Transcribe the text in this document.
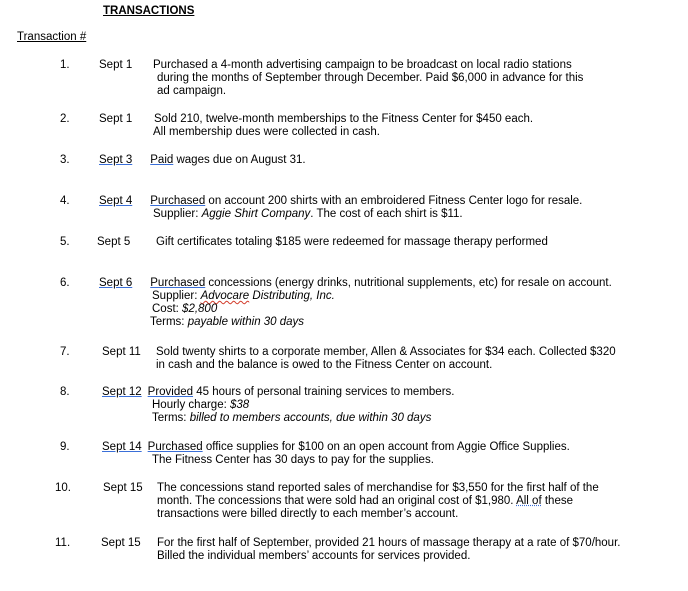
TRANSACTIONS
Transaction #
1.	Sept 1 Purchased a 4-month advertising campaign to be broadcast on local radio stations
during the months of September through December. Paid $6,000 in advance for this
ad campaign.
2.	Sept 1 Sold 210, twelve-month memberships to the Fitness Center for $450 each.
All membership dues were collected in cash.
3.	Sept 3 Paid wages due on August 31.
4.	Sept 4 Purchased on account 200 shirts with an embroidered Fitness Center logo for resale.
Supplier: Aggie Shirt Company. The cost of each shirt is $11.
5. Sept 5 Gift certificates totaling $185 were redeemed for massage therapy performed
6.	Sept 6 Purchased concessions (energy drinks, nutritional supplements, etc) for resale on account.
Supplier: Advocare Distributing, Inc.
Cost: $2,800
Terms: payable within 30 days
7.	Sept 11 Sold twenty shirts to a corporate member, Allen & Associates for $34 each. Collected $320
in cash and the balance is owed to the Fitness Center on account.
8.	Sept 12 Provided 45 hours of personal training services to members.
Hourly charge: $38
Terms: billed to members accounts, due within 30 days
9.	Sept 14 Purchased office supplies for $100 on an open account from Aggie Office Supplies.
The Fitness Center has 30 days to pay for the supplies.
10.	Sept 15 The concessions stand reported sales of merchandise for $3,550 for the first half of the
month. The concessions that were sold had an original cost of $1,980. All of these
transactions were billed directly to each member’s account.
11.	Sept 15 For the first half of September, provided 21 hours of massage therapy at a rate of $70/hour.
Billed the individual members’ accounts for services provided.
